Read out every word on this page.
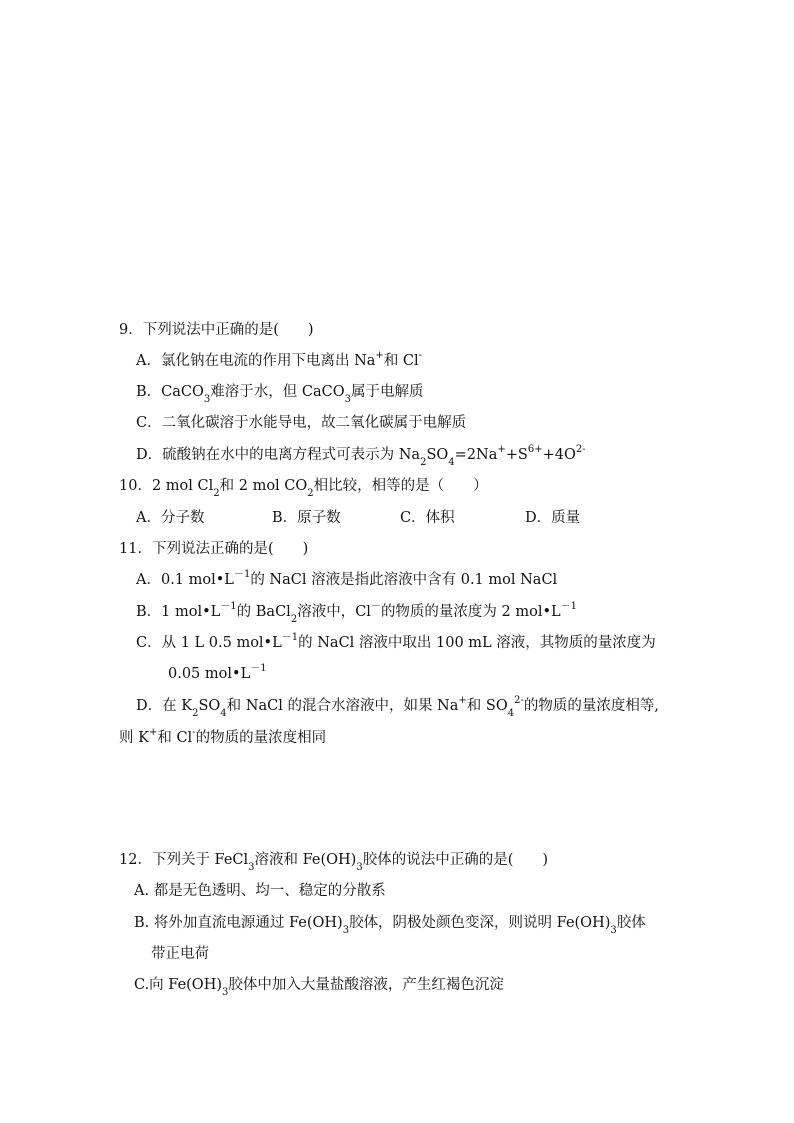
9．下列说法中正确的是(　　)
A．氯化钠在电流的作用下电离出 Na+和 Cl-
B．CaCO$_3$难溶于水，但 CaCO$_3$属于电解质
C．二氧化碳溶于水能导电，故二氧化碳属于电解质
D．硫酸钠在水中的电离方程式可表示为 $Na_2SO_4=2Na^++S^{6+}+4O^{2-}$
10．2 mol $Cl_2$和 2 mol $CO_2$相比较，相等的是（　　）
A．分子数	B．原子数	C．体积	D．质量
11．下列说法正确的是(　　)
A．0.1 $mol•L^{-1}$的 NaCl 溶液是指此溶液中含有 0.1 mol NaCl
B．1 $mol•L^{-1}$的 BaCl$_2$溶液中，Cl－的物质的量浓度为 2 $mol•L^{-1}$
C．从 1 L 0.5 $mol•L^{-1}$的 NaCl 溶液中取出 100 mL 溶液，其物质的量浓度为
0.05 $mol•L^{-1}$
D．在 $K_2SO_4$和 NaCl 的混合水溶液中，如果 Na+和 $SO_4^{2-}$的物质的量浓度相等,
则 K+和 Cl-的物质的量浓度相同
12．下列关于 FeCl$_3$溶液和 $Fe(OH)_3$胶体的说法中正确的是(　　)
A. 都是无色透明、均一、稳定的分散系
B. 将外加直流电源通过 $Fe(OH)_3$胶体，阴极处颜色变深，则说明 $Fe(OH)_3$胶体
带正电荷
C.向 $Fe(OH)_3$胶体中加入大量盐酸溶液，产生红褐色沉淀
